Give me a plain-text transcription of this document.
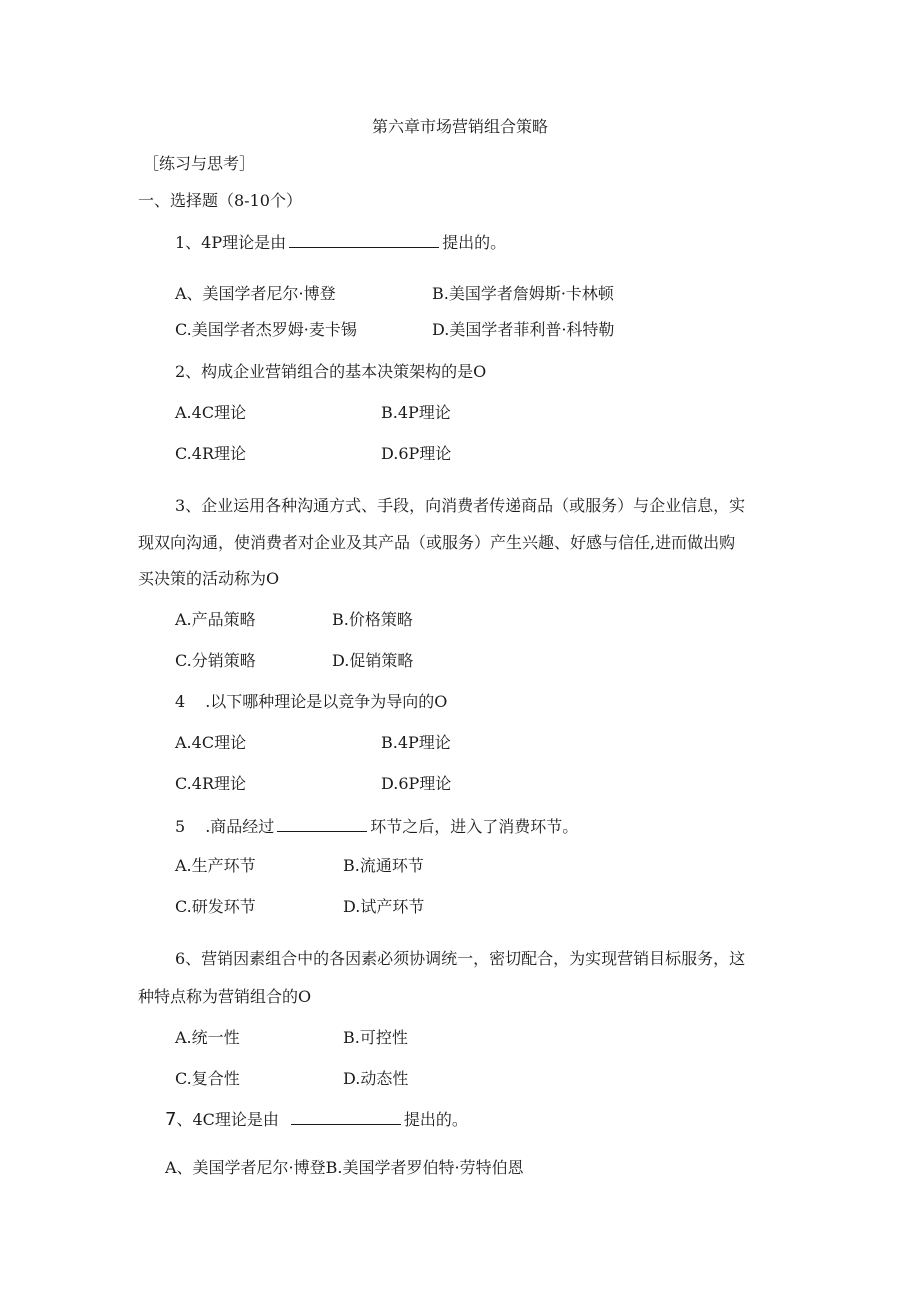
第六章市场营销组合策略
［练习与思考］
一、选择题（8-10个）
1、4P理论是由	提出的。
A、美国学者尼尔·博登	B.美国学者詹姆斯·卡林顿
C.美国学者杰罗姆·麦卡锡	D.美国学者菲利普·科特勒
2、构成企业营销组合的基本决策架构的是O
A.4C理论	B.4P理论
C.4R理论	D.6P理论
3、企业运用各种沟通方式、手段，向消费者传递商品（或服务）与企业信息，实
现双向沟通，使消费者对企业及其产品（或服务）产生兴趣、好感与信任,进而做出购
买决策的活动称为O
A.产品策略	B.价格策略
C.分销策略	D.促销策略
4 .以下哪种理论是以竞争为导向的O
A.4C理论	B.4P理论
C.4R理论	D.6P理论
5 .商品经过	环节之后，进入了消费环节。
A.生产环节	B.流通环节
C.研发环节	D.试产环节
6、营销因素组合中的各因素必须协调统一，密切配合，为实现营销目标服务，这
种特点称为营销组合的O
A.统一性	B.可控性
C.复合性	D.动态性
7、4C理论是由	提出的。
A、美国学者尼尔·博登B.美国学者罗伯特·劳特伯恩
